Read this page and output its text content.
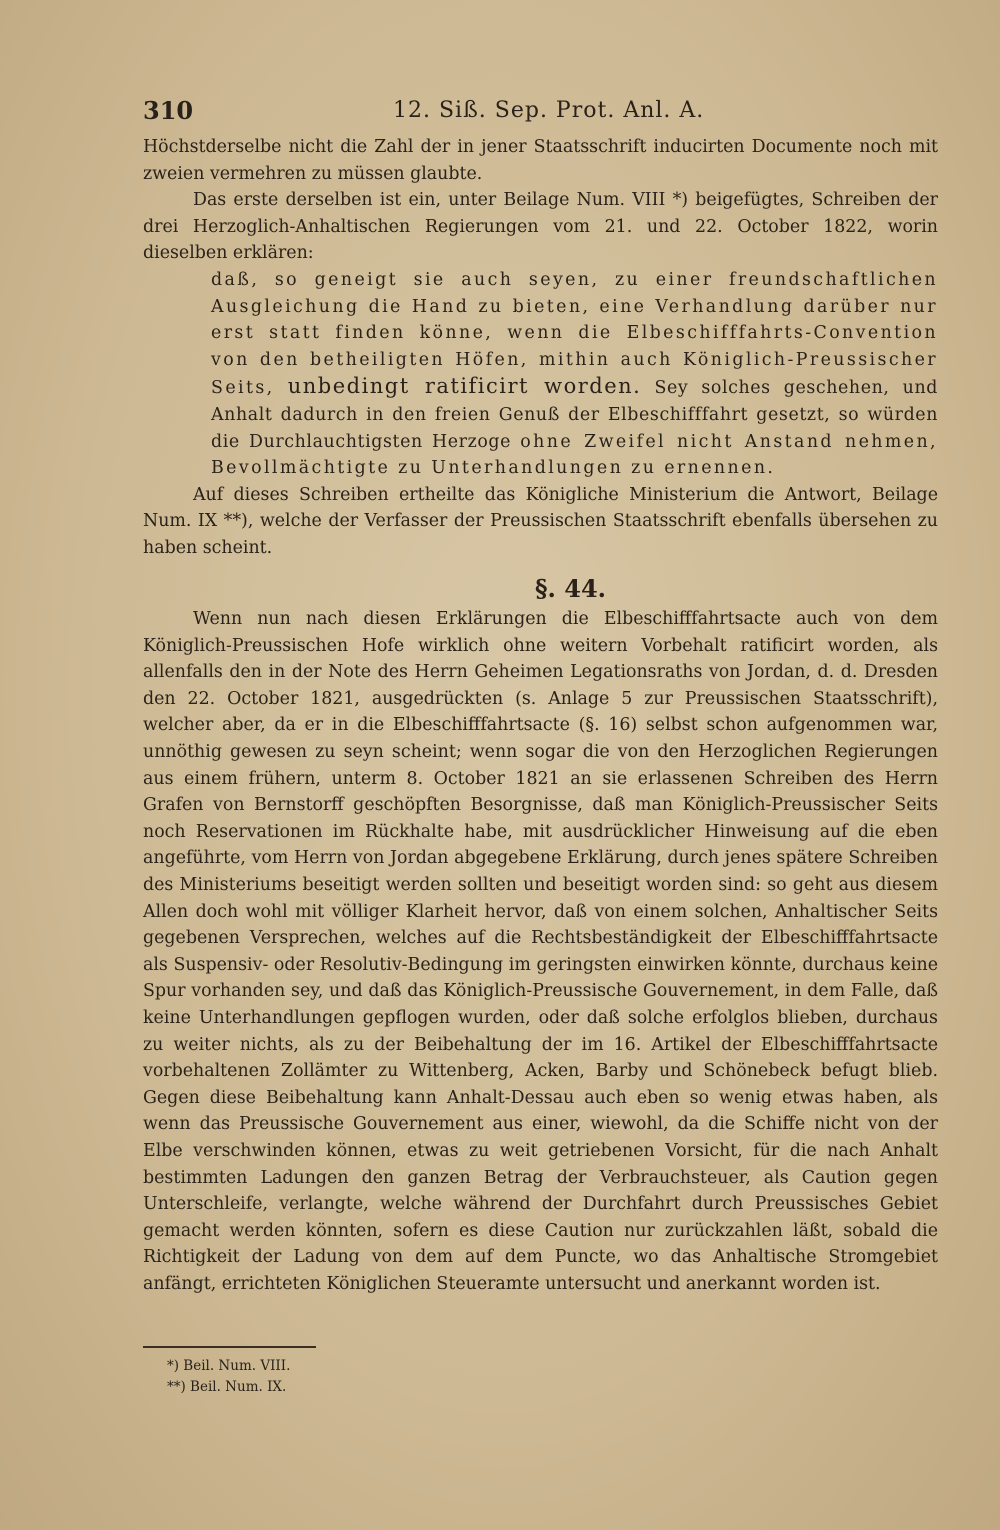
310	12. Siß. Sep. Prot. Anl. A.

Höchstderselbe nicht die Zahl der in jener Staatsschrift inducirten Documente noch mit zweien vermehren zu müssen glaubte.

Das erste derselben ist ein, unter Beilage Num. VIII *) beigefügtes, Schreiben der drei Herzoglich-Anhaltischen Regierungen vom 21. und 22. October 1822, worin dieselben erklären:

daß, so geneigt sie auch seyen, zu einer freundschaftlichen Ausgleichung die Hand zu bieten, eine Verhandlung darüber nur erst statt finden könne, wenn die Elbeschifffahrts-Convention von den betheiligten Höfen, mithin auch Königlich-Preussischer Seits, unbedingt ratificirt worden. Sey solches geschehen, und Anhalt dadurch in den freien Genuß der Elbeschifffahrt gesetzt, so würden die Durchlauchtigsten Herzoge ohne Zweifel nicht Anstand nehmen, Bevollmächtigte zu Unterhandlungen zu ernennen.

Auf dieses Schreiben ertheilte das Königliche Ministerium die Antwort, Beilage Num. IX **), welche der Verfasser der Preussischen Staatsschrift ebenfalls übersehen zu haben scheint.

§. 44.

Wenn nun nach diesen Erklärungen die Elbeschifffahrtsacte auch von dem Königlich-Preussischen Hofe wirklich ohne weitern Vorbehalt ratificirt worden, als allenfalls den in der Note des Herrn Geheimen Legationsraths von Jordan, d. d. Dresden den 22. October 1821, ausgedrückten (s. Anlage 5 zur Preussischen Staatsschrift), welcher aber, da er in die Elbeschifffahrtsacte (§. 16) selbst schon aufgenommen war, unnöthig gewesen zu seyn scheint; wenn sogar die von den Herzoglichen Regierungen aus einem frühern, unterm 8. October 1821 an sie erlassenen Schreiben des Herrn Grafen von Bernstorff geschöpften Besorgnisse, daß man Königlich-Preussischer Seits noch Reservationen im Rückhalte habe, mit ausdrücklicher Hinweisung auf die eben angeführte, vom Herrn von Jordan abgegebene Erklärung, durch jenes spätere Schreiben des Ministeriums beseitigt werden sollten und beseitigt worden sind: so geht aus diesem Allen doch wohl mit völliger Klarheit hervor, daß von einem solchen, Anhaltischer Seits gegebenen Versprechen, welches auf die Rechtsbeständigkeit der Elbeschifffahrtsacte als Suspensiv- oder Resolutiv-Bedingung im geringsten einwirken könnte, durchaus keine Spur vorhanden sey, und daß das Königlich-Preussische Gouvernement, in dem Falle, daß keine Unterhandlungen gepflogen wurden, oder daß solche erfolglos blieben, durchaus zu weiter nichts, als zu der Beibehaltung der im 16. Artikel der Elbeschifffahrtsacte vorbehaltenen Zollämter zu Wittenberg, Acken, Barby und Schönebeck befugt blieb. Gegen diese Beibehaltung kann Anhalt-Dessau auch eben so wenig etwas haben, als wenn das Preussische Gouvernement aus einer, wiewohl, da die Schiffe nicht von der Elbe verschwinden können, etwas zu weit getriebenen Vorsicht, für die nach Anhalt bestimmten Ladungen den ganzen Betrag der Verbrauchsteuer, als Caution gegen Unterschleife, verlangte, welche während der Durchfahrt durch Preussisches Gebiet gemacht werden könnten, sofern es diese Caution nur zurückzahlen läßt, sobald die Richtigkeit der Ladung von dem auf dem Puncte, wo das Anhaltische Stromgebiet anfängt, errichteten Königlichen Steueramte untersucht und anerkannt worden ist.

*) Beil. Num. VIII.
**) Beil. Num. IX.
